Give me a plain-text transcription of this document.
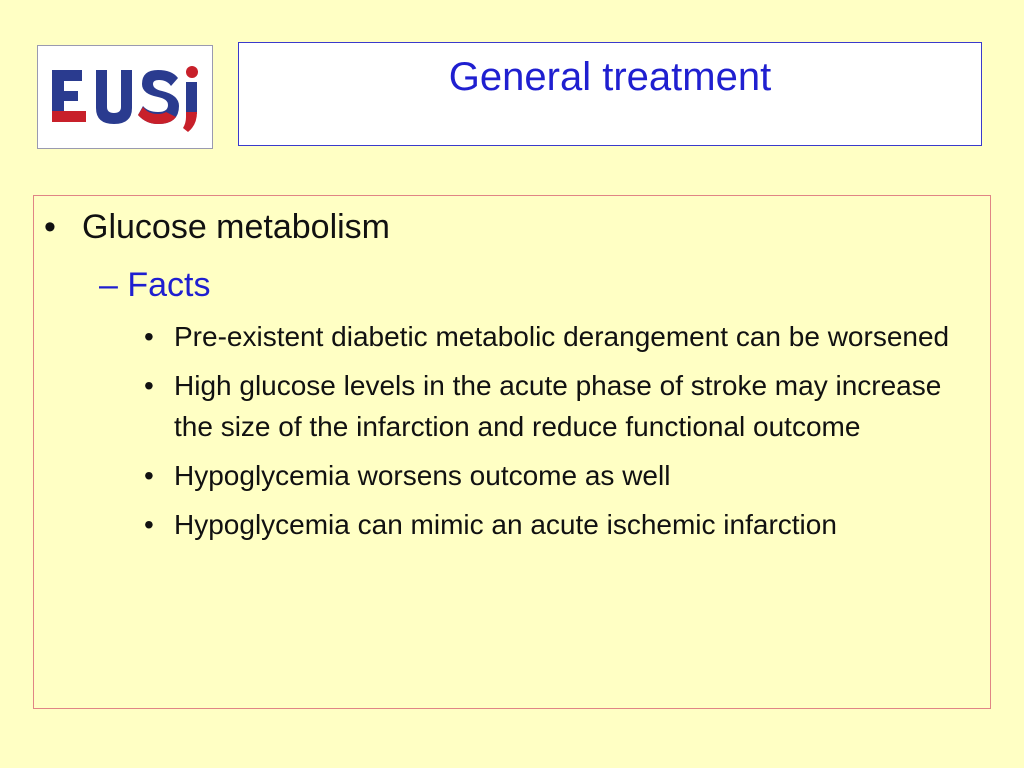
General treatment
• Glucose metabolism
– Facts
• Pre-existent diabetic metabolic derangement can be worsened
• High glucose levels in the acute phase of stroke may increase the size of the infarction and reduce functional outcome
• Hypoglycemia worsens outcome as well
• Hypoglycemia can mimic an acute ischemic infarction
